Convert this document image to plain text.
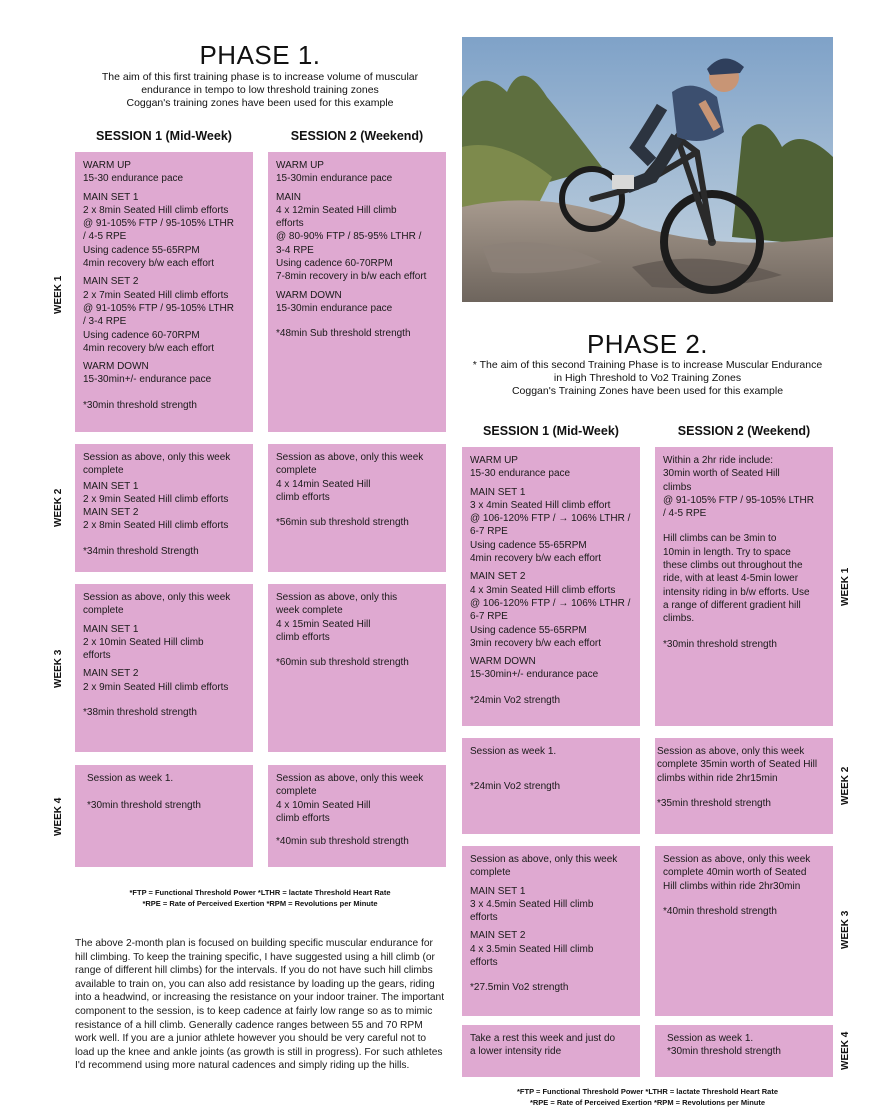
PHASE 1.
The aim of this first training phase is to increase volume of muscular
endurance in tempo to low threshold training zones
Coggan's training zones have been used for this example
SESSION 1 (Mid-Week)	SESSION 2 (Weekend)
WEEK 1
WEEK 2
WEEK 3
WEEK 4

WARM UP
15-30 endurance pace

MAIN SET 1
2 x 8min Seated Hill climb efforts
@ 91-105% FTP / 95-105% LTHR
/ 4-5 RPE
Using cadence 55-65RPM
4min recovery b/w each effort

MAIN SET 2
2 x 7min Seated Hill climb efforts
@ 91-105% FTP / 95-105% LTHR
/ 3-4 RPE
Using cadence 60-70RPM
4min recovery b/w each effort

WARM DOWN
15-30min+/- endurance pace

*30min threshold strength

WARM UP
15-30min endurance pace

MAIN
4 x 12min Seated Hill climb
efforts
@ 80-90% FTP / 85-95% LTHR /
3-4 RPE
Using cadence 60-70RPM
7-8min recovery in b/w each effort

WARM DOWN
15-30min endurance pace

*48min Sub threshold strength

Session as above, only this week
complete

MAIN SET 1
2 x 9min Seated Hill climb efforts
MAIN SET 2
2 x 8min Seated Hill climb efforts

*34min threshold Strength

Session as above, only this week
complete
4 x 14min Seated Hill
climb efforts

*56min sub threshold strength

Session as above, only this week
complete

MAIN SET 1
2 x 10min Seated Hill climb
efforts

MAIN SET 2
2 x 9min Seated Hill climb efforts

*38min threshold strength

Session as above, only this
week complete
4 x 15min Seated Hill
climb efforts

*60min sub threshold strength

Session as week 1.

*30min threshold strength

Session as above, only this week
complete
4 x 10min Seated Hill
climb efforts

*40min sub threshold strength

*FTP = Functional Threshold Power *LTHR = lactate Threshold Heart Rate
*RPE = Rate of Perceived Exertion *RPM = Revolutions per Minute
The above 2-month plan is focused on building specific muscular endurance for hill climbing. To keep the training specific, I have suggested using a hill climb (or range of different hill climbs) for the intervals. If you do not have such hill climbs available to train on, you can also add resistance by loading up the gears, riding into a headwind, or increasing the resistance on your indoor trainer. The important component to the session, is to keep cadence at fairly low range so as to mimic resistance of a hill climb. Generally cadence ranges between 55 and 70 RPM work well. If you are a junior athlete however you should be very careful not to load up the knee and ankle joints (as growth is still in progress). For such athletes I'd recommend using more natural cadences and simply riding up the hills.
PHASE 2.
* The aim of this second Training Phase is to increase Muscular Endurance
in High Threshold to Vo2 Training Zones
Coggan's Training Zones have been used for this example
SESSION 1 (Mid-Week)	SESSION 2 (Weekend)
WEEK 1
WEEK 2
WEEK 3
WEEK 4

WARM UP
15-30 endurance pace

MAIN SET 1
3 x 4min Seated Hill climb effort
@ 106-120% FTP / → 106% LTHR /
6-7 RPE
Using cadence 55-65RPM
4min recovery b/w each effort

MAIN SET 2
4 x 3min Seated Hill climb efforts
@ 106-120% FTP / → 106% LTHR /
6-7 RPE
Using cadence 55-65RPM
3min recovery b/w each effort

WARM DOWN
15-30min+/- endurance pace

*24min Vo2 strength

Within a 2hr ride include:
30min worth of Seated Hill
climbs
@ 91-105% FTP / 95-105% LTHR
/ 4-5 RPE

Hill climbs can be 3min to
10min in length. Try to space
these climbs out throughout the
ride, with at least 4-5min lower
intensity riding in b/w efforts. Use
a range of different gradient hill
climbs.

*30min threshold strength

Session as week 1.

*24min Vo2 strength

Session as above, only this week
complete 35min worth of Seated Hill
climbs within ride 2hr15min

*35min threshold strength

Session as above, only this week
complete

MAIN SET 1
3 x 4.5min Seated Hill climb
efforts

MAIN SET 2
4 x 3.5min Seated Hill climb
efforts

*27.5min Vo2 strength

Session as above, only this week
complete 40min worth of Seated
Hill climbs within ride 2hr30min

*40min threshold strength

Take a rest this week and just do
a lower intensity ride

Session as week 1.
*30min threshold strength

*FTP = Functional Threshold Power *LTHR = lactate Threshold Heart Rate
*RPE = Rate of Perceived Exertion *RPM = Revolutions per Minute
